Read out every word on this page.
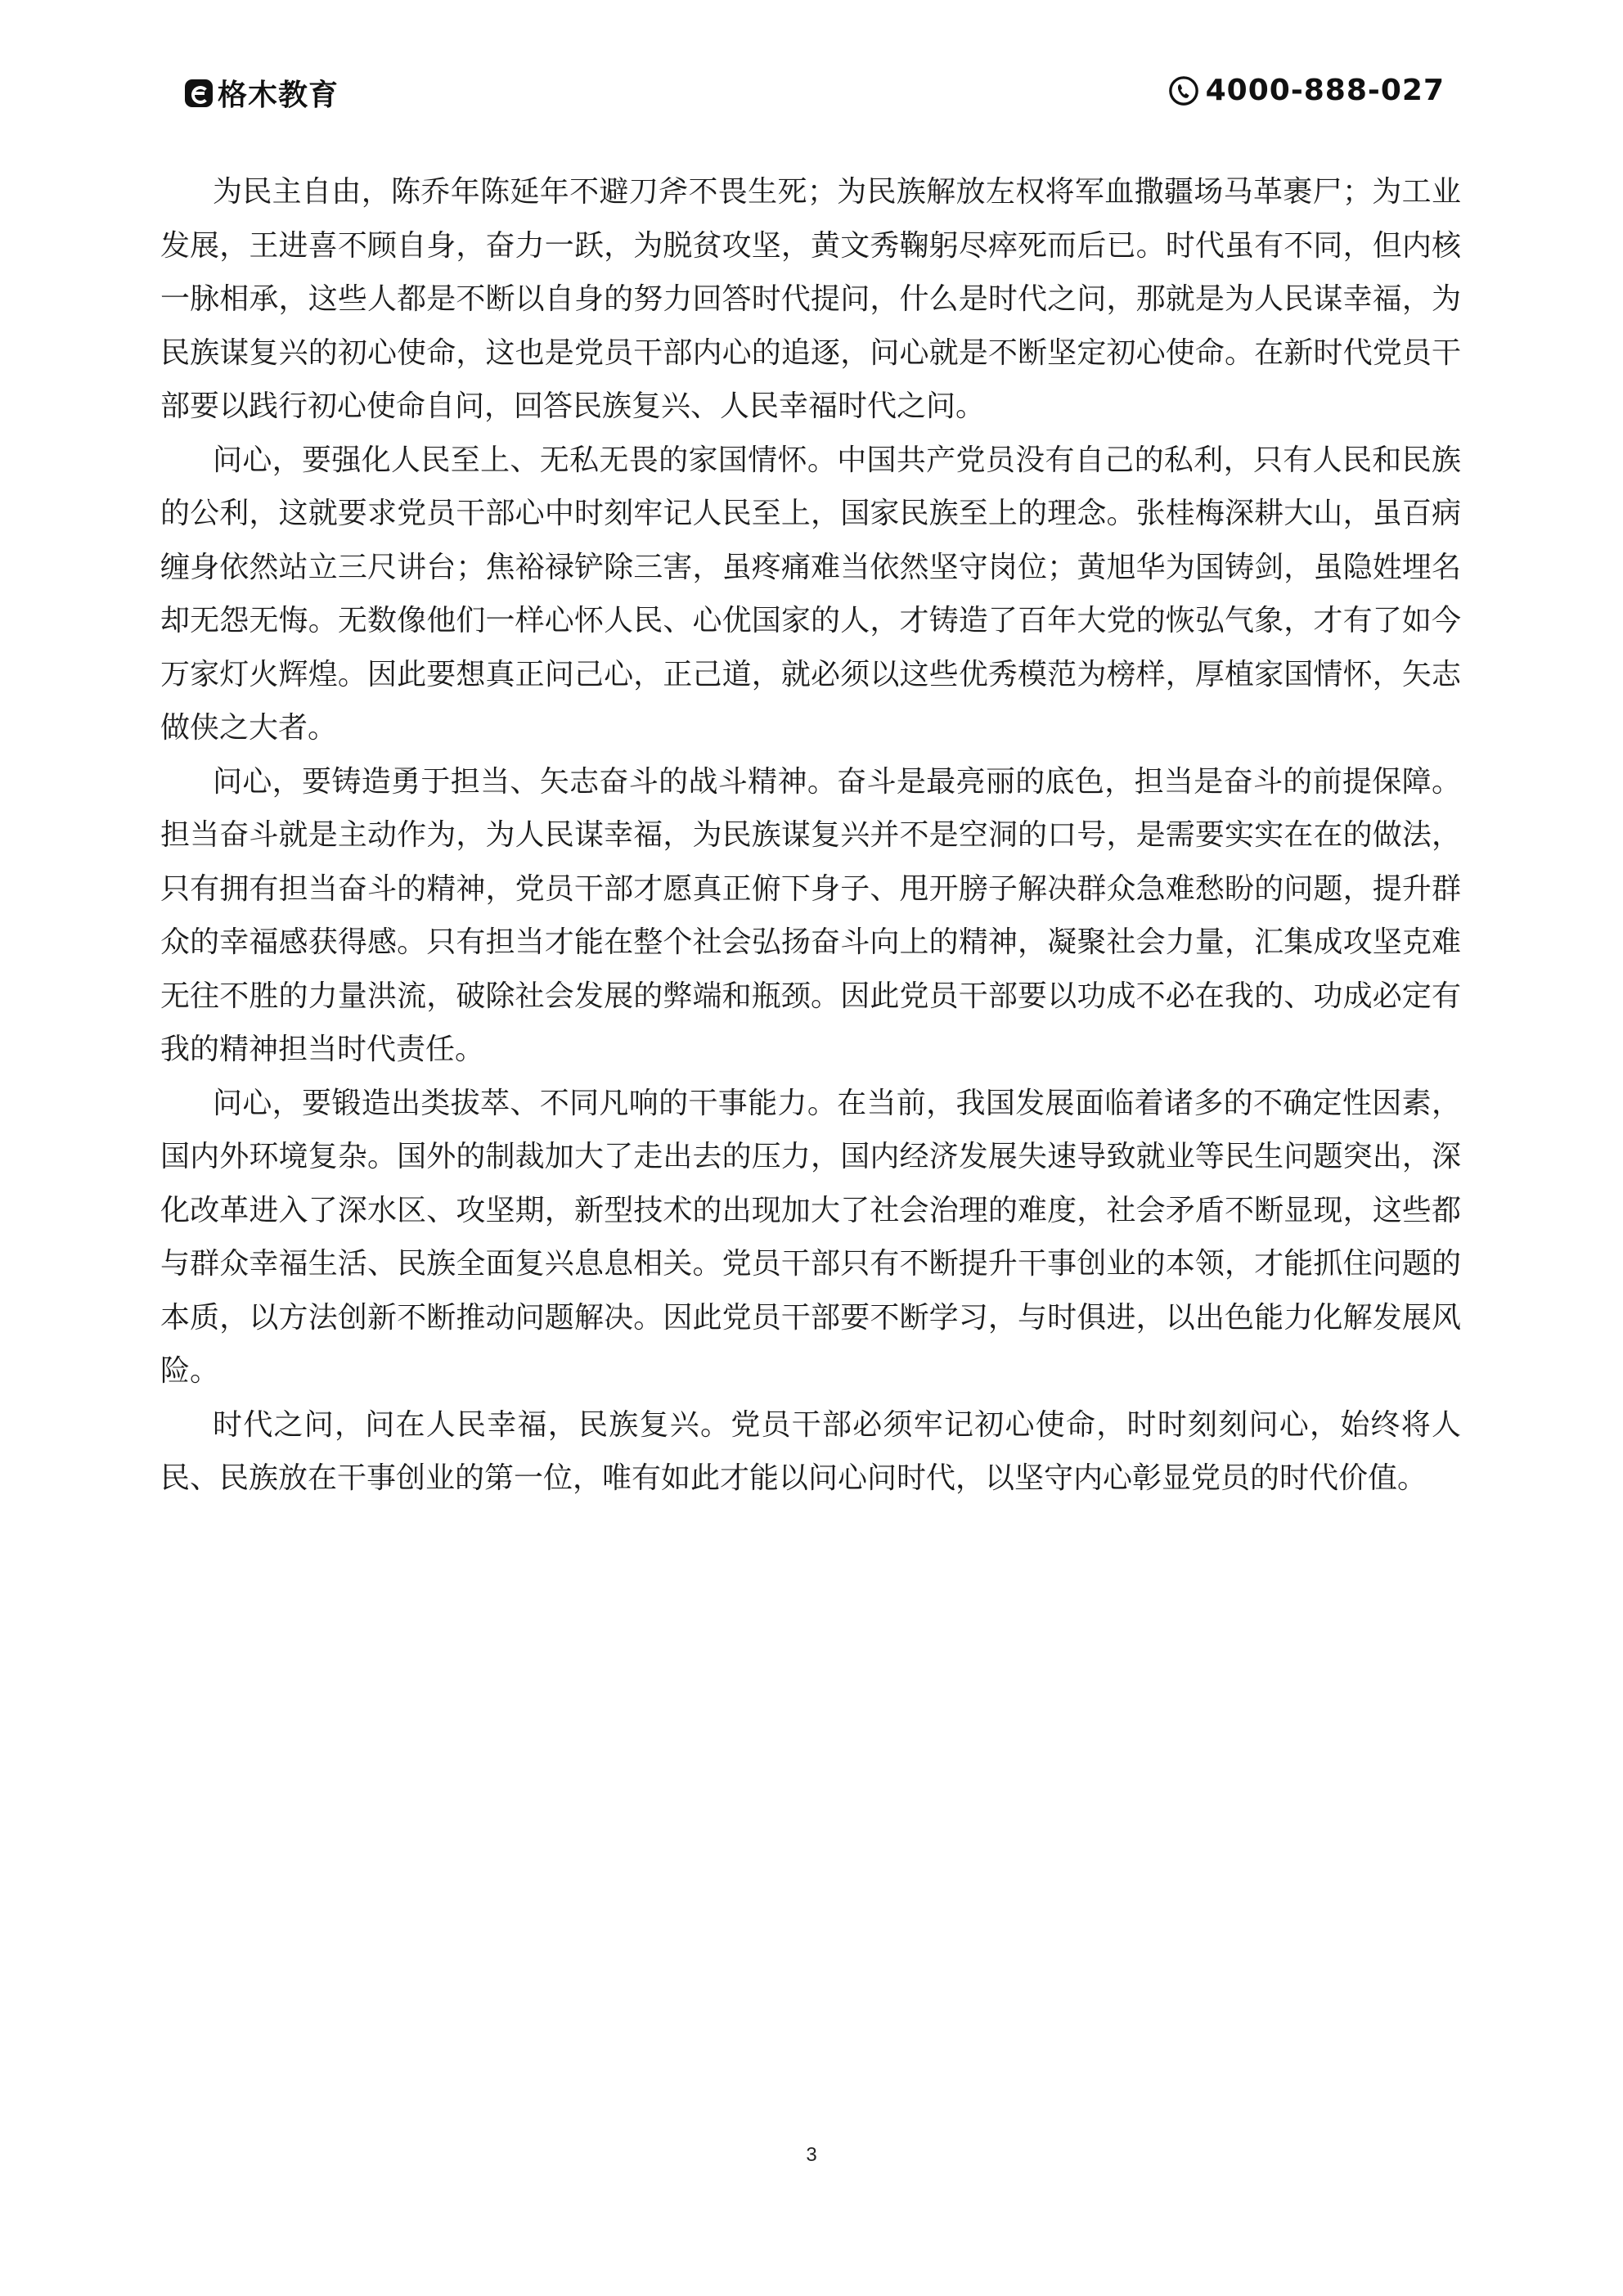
格木教育	4000-888-027

为民主自由，陈乔年陈延年不避刀斧不畏生死；为民族解放左权将军血撒疆场马革裹尸；为工业发展，王进喜不顾自身，奋力一跃，为脱贫攻坚，黄文秀鞠躬尽瘁死而后已。时代虽有不同，但内核一脉相承，这些人都是不断以自身的努力回答时代提问，什么是时代之问，那就是为人民谋幸福，为民族谋复兴的初心使命，这也是党员干部内心的追逐，问心就是不断坚定初心使命。在新时代党员干部要以践行初心使命自问，回答民族复兴、人民幸福时代之问。

问心，要强化人民至上、无私无畏的家国情怀。中国共产党员没有自己的私利，只有人民和民族的公利，这就要求党员干部心中时刻牢记人民至上，国家民族至上的理念。张桂梅深耕大山，虽百病缠身依然站立三尺讲台；焦裕禄铲除三害，虽疼痛难当依然坚守岗位；黄旭华为国铸剑，虽隐姓埋名却无怨无悔。无数像他们一样心怀人民、心优国家的人，才铸造了百年大党的恢弘气象，才有了如今万家灯火辉煌。因此要想真正问己心，正己道，就必须以这些优秀模范为榜样，厚植家国情怀，矢志做侠之大者。

问心，要铸造勇于担当、矢志奋斗的战斗精神。奋斗是最亮丽的底色，担当是奋斗的前提保障。担当奋斗就是主动作为，为人民谋幸福，为民族谋复兴并不是空洞的口号，是需要实实在在的做法，只有拥有担当奋斗的精神，党员干部才愿真正俯下身子、甩开膀子解决群众急难愁盼的问题，提升群众的幸福感获得感。只有担当才能在整个社会弘扬奋斗向上的精神，凝聚社会力量，汇集成攻坚克难无往不胜的力量洪流，破除社会发展的弊端和瓶颈。因此党员干部要以功成不必在我的、功成必定有我的精神担当时代责任。

问心，要锻造出类拔萃、不同凡响的干事能力。在当前，我国发展面临着诸多的不确定性因素，国内外环境复杂。国外的制裁加大了走出去的压力，国内经济发展失速导致就业等民生问题突出，深化改革进入了深水区、攻坚期，新型技术的出现加大了社会治理的难度，社会矛盾不断显现，这些都与群众幸福生活、民族全面复兴息息相关。党员干部只有不断提升干事创业的本领，才能抓住问题的本质，以方法创新不断推动问题解决。因此党员干部要不断学习，与时俱进，以出色能力化解发展风险。

时代之问，问在人民幸福，民族复兴。党员干部必须牢记初心使命，时时刻刻问心，始终将人民、民族放在干事创业的第一位，唯有如此才能以问心问时代，以坚守内心彰显党员的时代价值。

3
